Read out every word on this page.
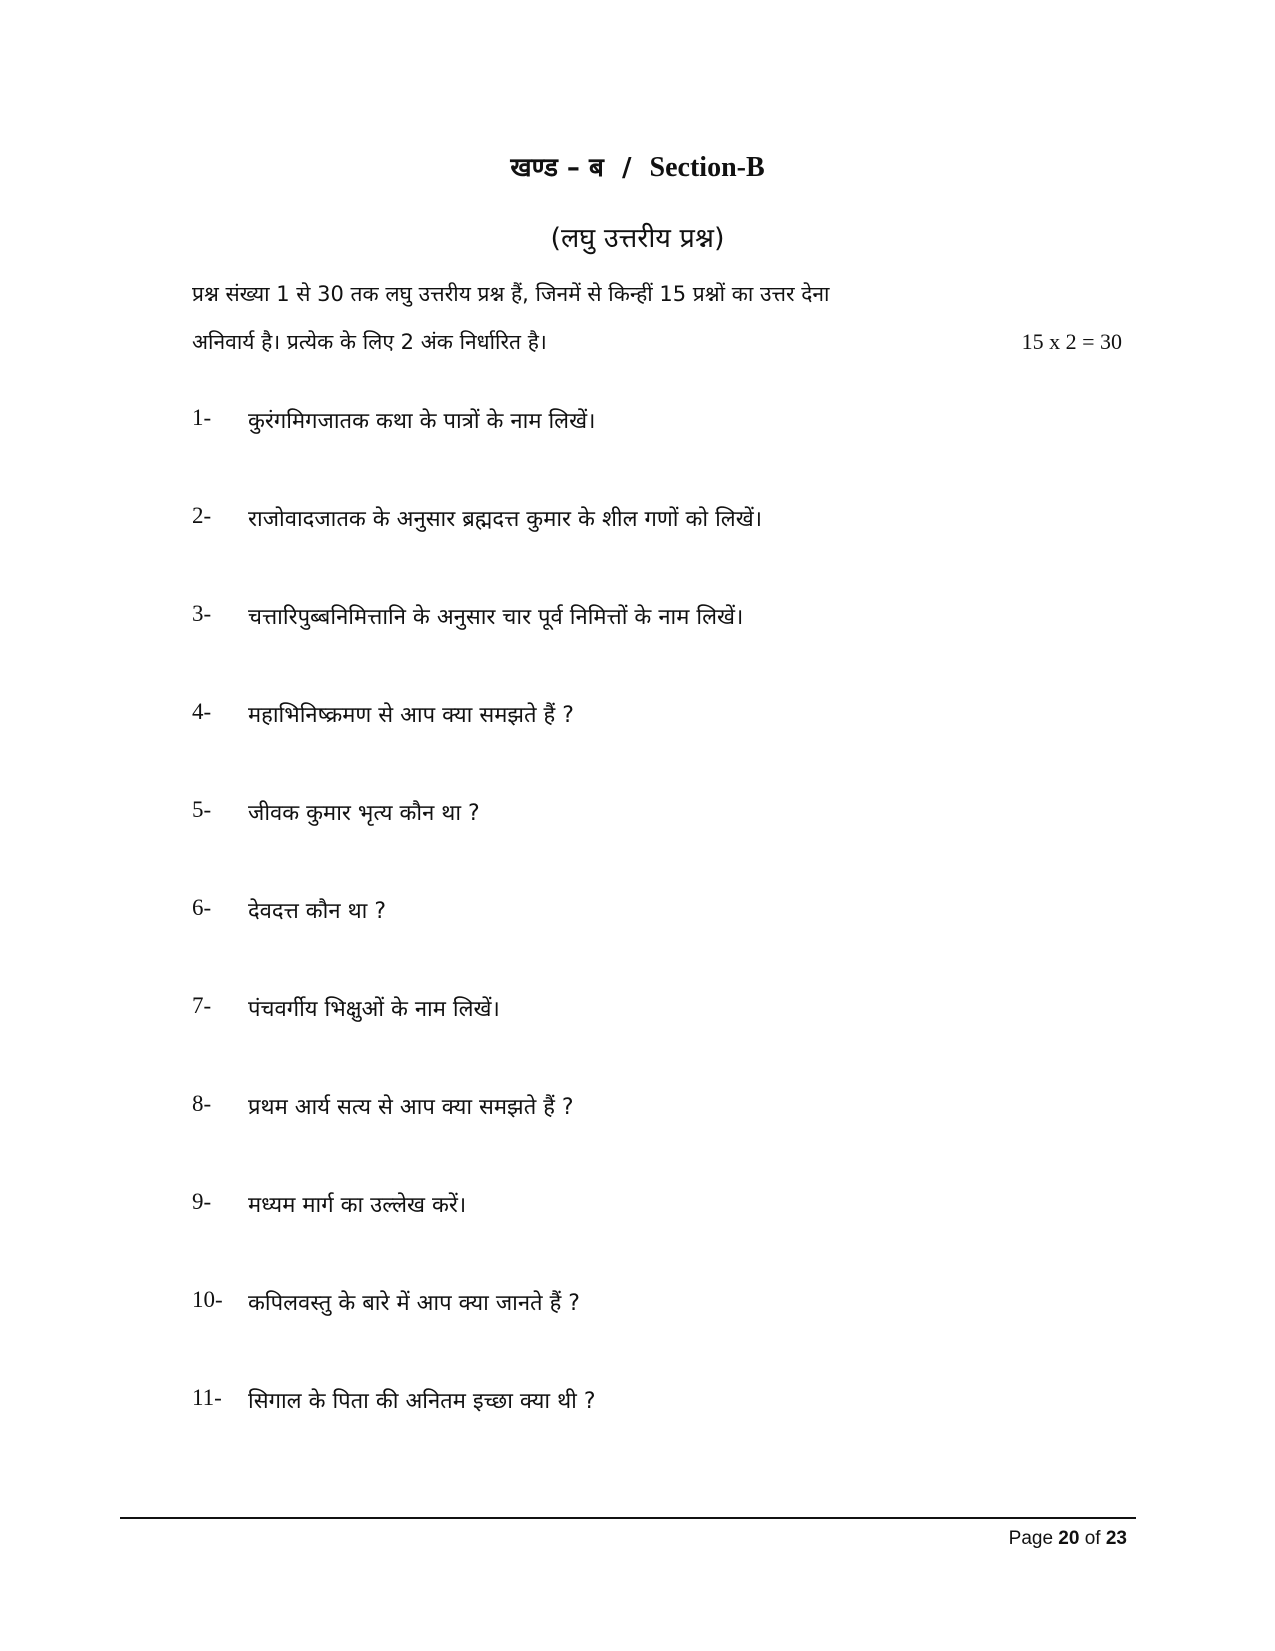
खण्ड – ब / Section-B
(लघु उत्तरीय प्रश्न)
प्रश्न संख्या 1 से 30 तक लघु उत्तरीय प्रश्न हैं, जिनमें से किन्हीं 15 प्रश्नों का उत्तर देना
अनिवार्य है। प्रत्येक के लिए 2 अंक निर्धारित है।	15 x 2 = 30
1-	कुरंगमिगजातक कथा के पात्रों के नाम लिखें।
2-	राजोवादजातक के अनुसार ब्रह्मदत्त कुमार के शील गणों को लिखें।
3-	चत्तारिपुब्बनिमित्तानि के अनुसार चार पूर्व निमित्तों के नाम लिखें।
4-	महाभिनिष्क्रमण से आप क्या समझते हैं ?
5-	जीवक कुमार भृत्य कौन था ?
6-	देवदत्त कौन था ?
7-	पंचवर्गीय भिक्षुओं के नाम लिखें।
8-	प्रथम आर्य सत्य से आप क्या समझते हैं ?
9-	मध्यम मार्ग का उल्लेख करें।
10-	कपिलवस्तु के बारे में आप क्या जानते हैं ?
11-	सिगाल के पिता की अनितम इच्छा क्या थी ?
Page 20 of 23
